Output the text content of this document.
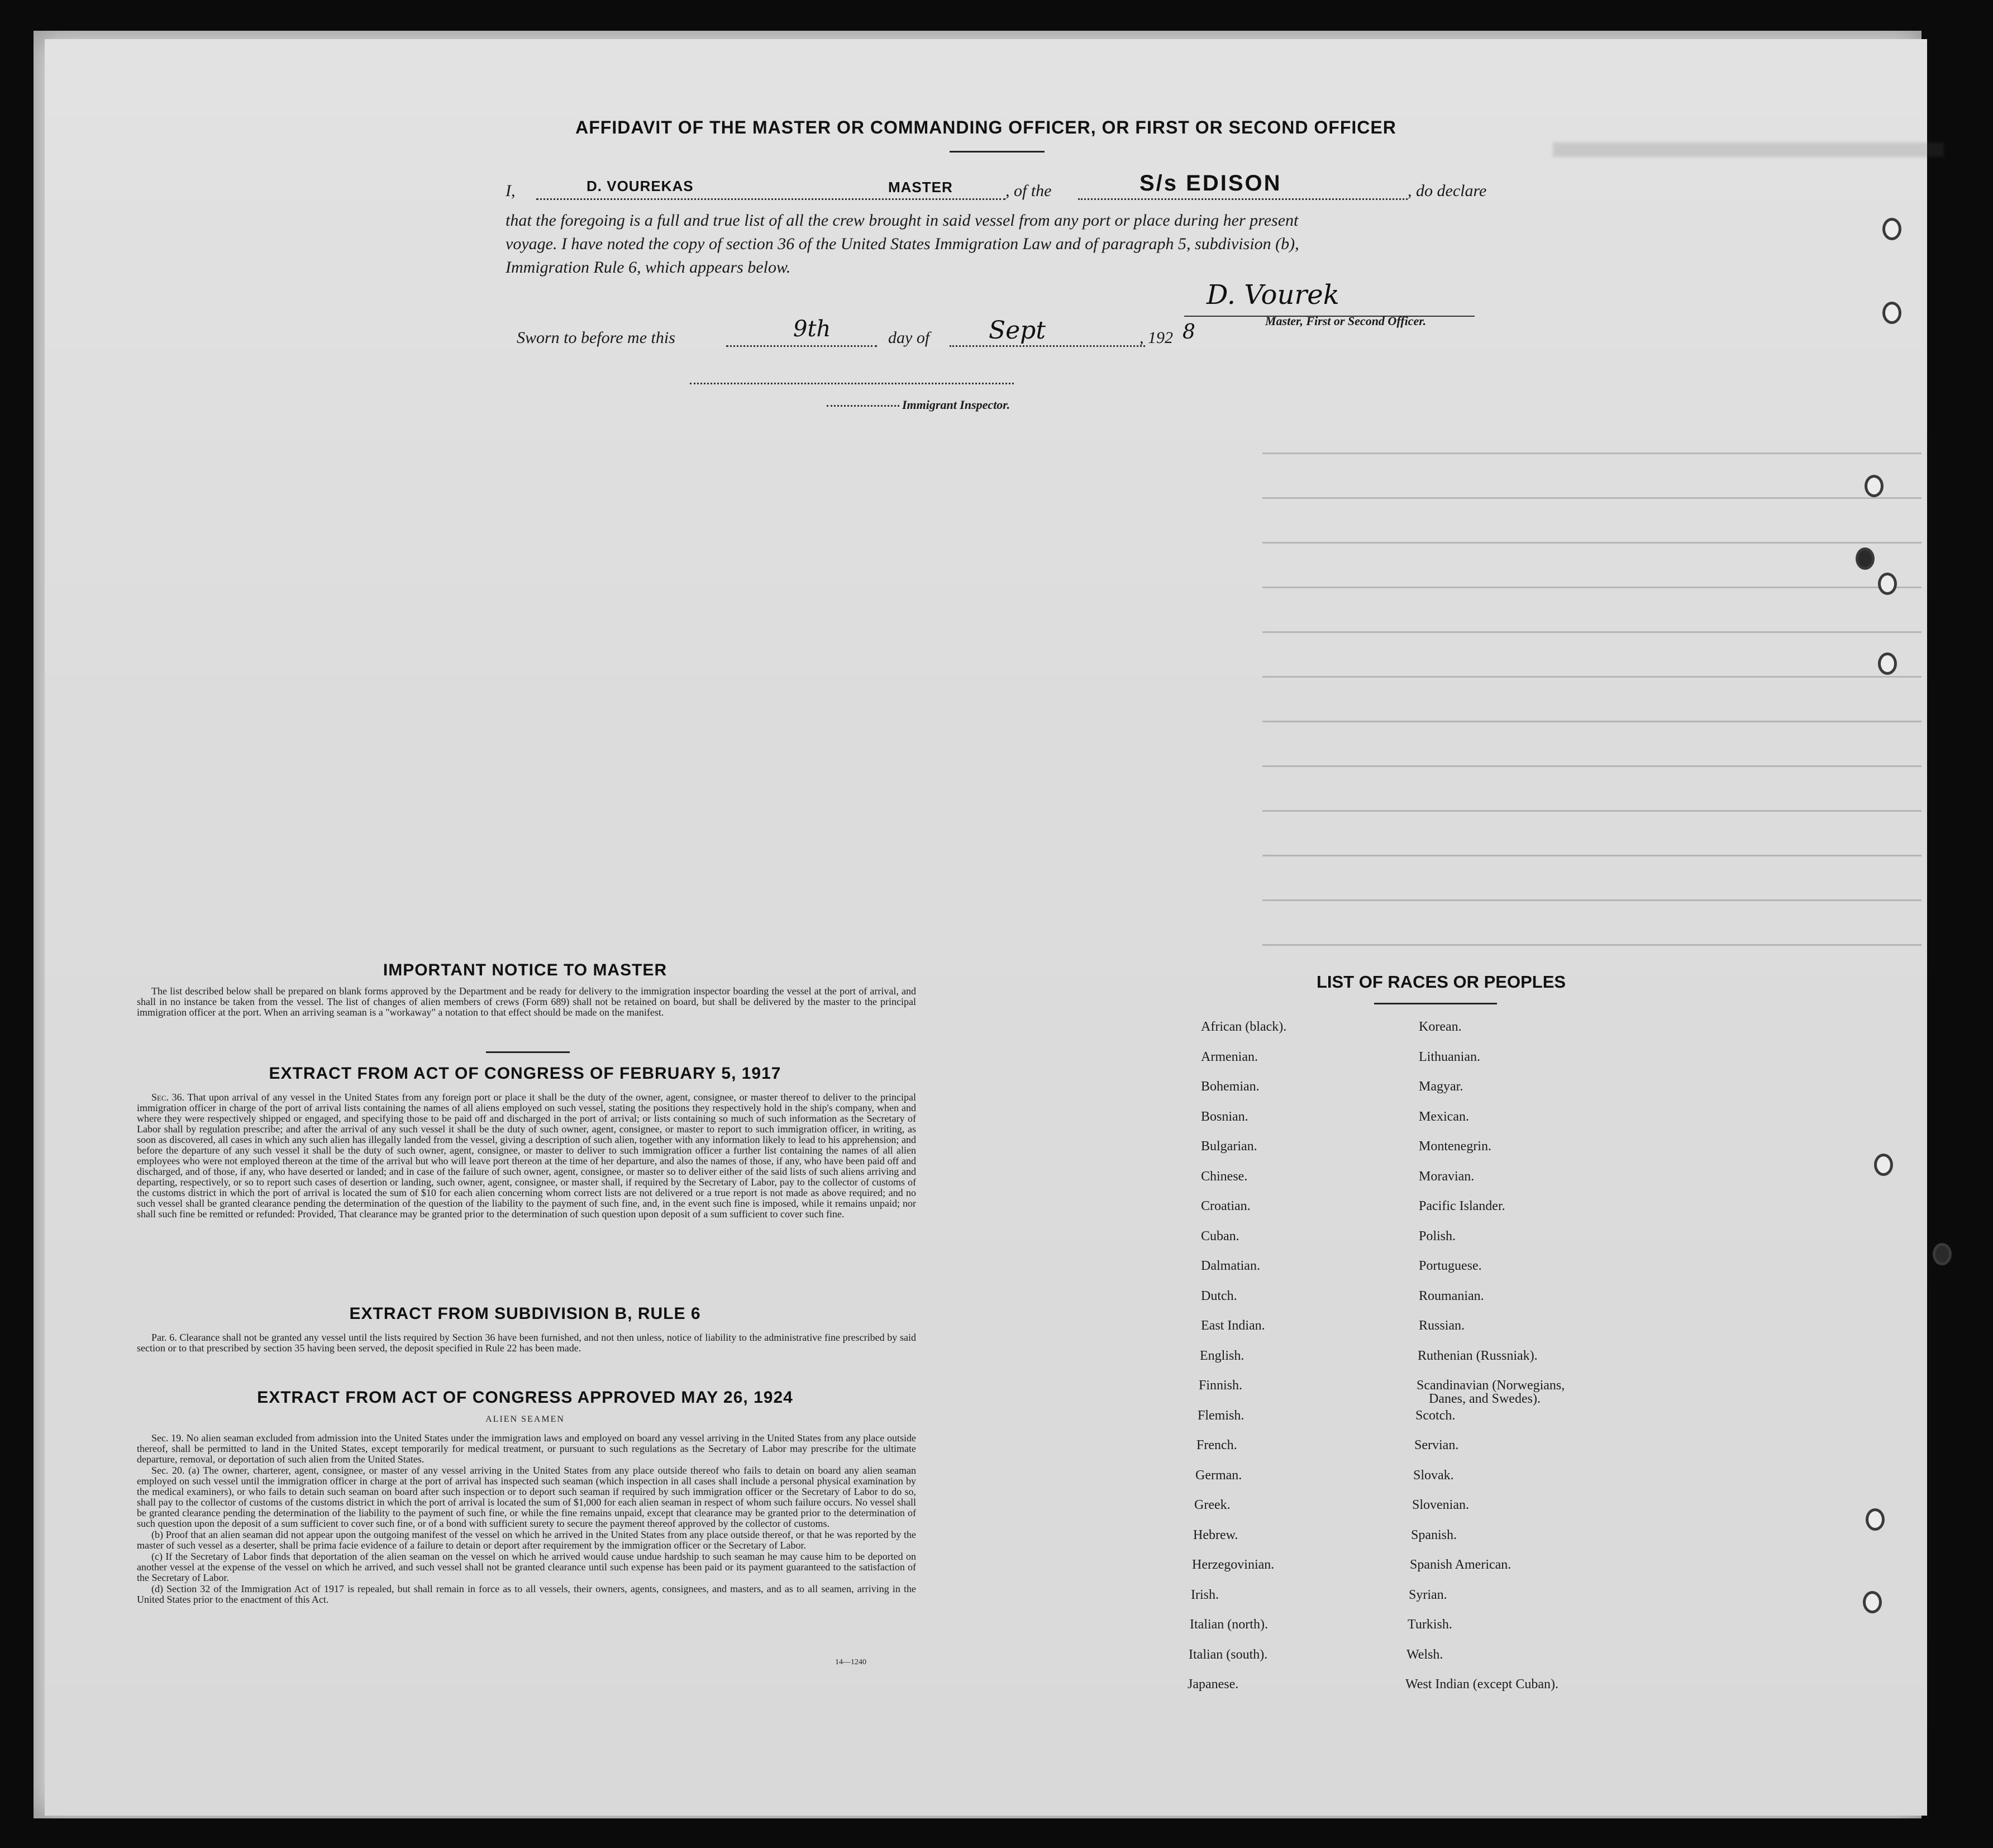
AFFIDAVIT OF THE MASTER OR COMMANDING OFFICER, OR FIRST OR SECOND OFFICER
I,	D. VOUREKAS	MASTER	, of the	S/s EDISON	, do declare
that the foregoing is a full and true list of all the crew brought in said vessel from any port or place during her present
voyage. I have noted the copy of section 36 of the United States Immigration Law and of paragraph 5, subdivision (b),
Immigration Rule 6, which appears below.
D. Vourek
Master, First or Second Officer.
Sworn to before me this	9th	day of Sept	, 192 8
Immigrant Inspector.
IMPORTANT NOTICE TO MASTER

The list described below shall be prepared on blank forms approved by the Department and be ready for delivery to the immigration inspector boarding the vessel at the port of arrival, and shall in no instance be taken from the vessel. The list of changes of alien members of crews (Form 689) shall not be retained on board, but shall be delivered by the master to the principal immigration officer at the port. When an arriving seaman is a "workaway" a notation to that effect should be made on the manifest.

EXTRACT FROM ACT OF CONGRESS OF FEBRUARY 5, 1917

Sec. 36. That upon arrival of any vessel in the United States from any foreign port or place it shall be the duty of the owner, agent, consignee, or master thereof to deliver to the principal immigration officer in charge of the port of arrival lists containing the names of all aliens employed on such vessel, stating the positions they respectively hold in the ship's company, when and where they were respectively shipped or engaged, and specifying those to be paid off and discharged in the port of arrival; or lists containing so much of such information as the Secretary of Labor shall by regulation prescribe; and after the arrival of any such vessel it shall be the duty of such owner, agent, consignee, or master to report to such immigration officer, in writing, as soon as discovered, all cases in which any such alien has illegally landed from the vessel, giving a description of such alien, together with any information likely to lead to his apprehension; and before the departure of any such vessel it shall be the duty of such owner, agent, consignee, or master to deliver to such immigration officer a further list containing the names of all alien employees who were not employed thereon at the time of the arrival but who will leave port thereon at the time of her departure, and also the names of those, if any, who have been paid off and discharged, and of those, if any, who have deserted or landed; and in case of the failure of such owner, agent, consignee, or master so to deliver either of the said lists of such aliens arriving and departing, respectively, or so to report such cases of desertion or landing, such owner, agent, consignee, or master shall, if required by the Secretary of Labor, pay to the collector of customs of the customs district in which the port of arrival is located the sum of $10 for each alien concerning whom correct lists are not delivered or a true report is not made as above required; and no such vessel shall be granted clearance pending the determination of the question of the liability to the payment of such fine, and, in the event such fine is imposed, while it remains unpaid; nor shall such fine be remitted or refunded: Provided, That clearance may be granted prior to the determination of such question upon deposit of a sum sufficient to cover such fine.

EXTRACT FROM SUBDIVISION B, RULE 6

Par. 6. Clearance shall not be granted any vessel until the lists required by Section 36 have been furnished, and not then unless, notice of liability to the administrative fine prescribed by said section or to that prescribed by section 35 having been served, the deposit specified in Rule 22 has been made.

EXTRACT FROM ACT OF CONGRESS APPROVED MAY 26, 1924
ALIEN SEAMEN

Sec. 19. No alien seaman excluded from admission into the United States under the immigration laws and employed on board any vessel arriving in the United States from any place outside thereof, shall be permitted to land in the United States, except temporarily for medical treatment, or pursuant to such regulations as the Secretary of Labor may prescribe for the ultimate departure, removal, or deportation of such alien from the United States.

Sec. 20. (a) The owner, charterer, agent, consignee, or master of any vessel arriving in the United States from any place outside thereof who fails to detain on board any alien seaman employed on such vessel until the immigration officer in charge at the port of arrival has inspected such seaman (which inspection in all cases shall include a personal physical examination by the medical examiners), or who fails to detain such seaman on board after such inspection or to deport such seaman if required by such immigration officer or the Secretary of Labor to do so, shall pay to the collector of customs of the customs district in which the port of arrival is located the sum of $1,000 for each alien seaman in respect of whom such failure occurs. No vessel shall be granted clearance pending the determination of the liability to the payment of such fine, or while the fine remains unpaid, except that clearance may be granted prior to the determination of such question upon the deposit of a sum sufficient to cover such fine, or of a bond with sufficient surety to secure the payment thereof approved by the collector of customs.

(b) Proof that an alien seaman did not appear upon the outgoing manifest of the vessel on which he arrived in the United States from any place outside thereof, or that he was reported by the master of such vessel as a deserter, shall be prima facie evidence of a failure to detain or deport after requirement by the immigration officer or the Secretary of Labor.

(c) If the Secretary of Labor finds that deportation of the alien seaman on the vessel on which he arrived would cause undue hardship to such seaman he may cause him to be deported on another vessel at the expense of the vessel on which he arrived, and such vessel shall not be granted clearance until such expense has been paid or its payment guaranteed to the satisfaction of the Secretary of Labor.

(d) Section 32 of the Immigration Act of 1917 is repealed, but shall remain in force as to all vessels, their owners, agents, consignees, and masters, and as to all seamen, arriving in the United States prior to the enactment of this Act.

14—1240
LIST OF RACES OR PEOPLES
African (black).
Armenian.
Bohemian.
Bosnian.
Bulgarian.
Chinese.
Croatian.
Cuban.
Dalmatian.
Dutch.
East Indian.
English.
Finnish.
Flemish.
French.
German.
Greek.
Hebrew.
Herzegovinian.
Irish.
Italian (north).
Italian (south).
Japanese.
Korean.
Lithuanian.
Magyar.
Mexican.
Montenegrin.
Moravian.
Pacific Islander.
Polish.
Portuguese.
Roumanian.
Russian.
Ruthenian (Russniak).
Scandinavian (Norwegians,
Danes, and Swedes).
Scotch.
Servian.
Slovak.
Slovenian.
Spanish.
Spanish American.
Syrian.
Turkish.
Welsh.
West Indian (except Cuban).
